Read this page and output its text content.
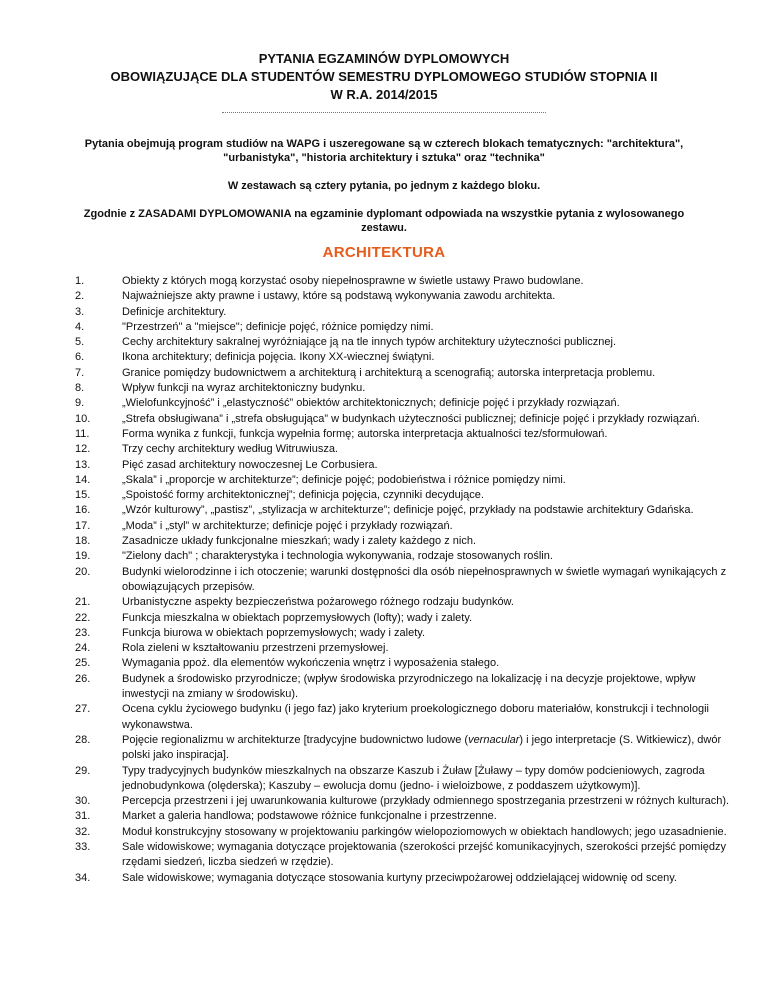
PYTANIA EGZAMINÓW DYPLOMOWYCH
OBOWIĄZUJĄCE DLA STUDENTÓW SEMESTRU DYPLOMOWEGO STUDIÓW STOPNIA II
W R.A. 2014/2015
Pytania obejmują program studiów na WAPG i uszeregowane są w czterech blokach tematycznych: "architektura", "urbanistyka", "historia architektury i sztuka" oraz "technika"
W zestawach są cztery pytania, po jednym z każdego bloku.
Zgodnie z ZASADAMI DYPLOMOWANIA na egzaminie dyplomant odpowiada na wszystkie pytania z wylosowanego zestawu.
ARCHITEKTURA
1.	Obiekty z których mogą korzystać osoby niepełnosprawne w świetle ustawy Prawo budowlane.
2.	Najważniejsze akty prawne i ustawy, które są podstawą wykonywania zawodu architekta.
3.	Definicje architektury.
4.	"Przestrzeń" a "miejsce"; definicje pojęć, różnice pomiędzy nimi.
5.	Cechy architektury sakralnej wyróżniające ją na tle innych typów architektury użyteczności publicznej.
6.	Ikona architektury; definicja pojęcia. Ikony XX-wiecznej świątyni.
7.	Granice pomiędzy budownictwem a architekturą i architekturą a scenografią; autorska interpretacja problemu.
8.	Wpływ funkcji na wyraz architektoniczny budynku.
9.	„Wielofunkcyjność” i „elastyczność” obiektów architektonicznych; definicje pojęć i przykłady rozwiązań.
10.	„Strefa obsługiwana” i „strefa obsługująca” w budynkach użyteczności publicznej; definicje pojęć i przykłady rozwiązań.
11.	Forma wynika z funkcji, funkcja wypełnia formę; autorska interpretacja aktualności tez/sformułowań.
12.	Trzy cechy architektury według Witruwiusza.
13.	Pięć zasad architektury nowoczesnej Le Corbusiera.
14.	„Skala” i „proporcje w architekturze”; definicje pojęć; podobieństwa i różnice pomiędzy nimi.
15.	„Spoistość formy architektonicznej”; definicja pojęcia, czynniki decydujące.
16.	„Wzór kulturowy”, „pastisz”, „stylizacja w architekturze”; definicje pojęć, przykłady na podstawie architektury Gdańska.
17.	„Moda” i „styl” w architekturze; definicje pojęć i przykłady rozwiązań.
18.	Zasadnicze układy funkcjonalne mieszkań; wady i zalety każdego z nich.
19.	"Zielony dach" ; charakterystyka i technologia wykonywania, rodzaje stosowanych roślin.
20.	Budynki wielorodzinne i ich otoczenie; warunki dostępności dla osób niepełnosprawnych w świetle wymagań wynikających z obowiązujących przepisów.
21.	Urbanistyczne aspekty bezpieczeństwa pożarowego różnego rodzaju budynków.
22.	Funkcja mieszkalna w obiektach poprzemysłowych (lofty); wady i zalety.
23.	Funkcja biurowa w obiektach poprzemysłowych; wady i zalety.
24.	Rola zieleni w kształtowaniu przestrzeni przemysłowej.
25.	Wymagania ppoż. dla elementów wykończenia wnętrz i wyposażenia stałego.
26.	Budynek a środowisko przyrodnicze; (wpływ środowiska przyrodniczego na lokalizację i na decyzje projektowe, wpływ inwestycji na zmiany w środowisku).
27.	Ocena cyklu życiowego budynku (i jego faz) jako kryterium proekologicznego doboru materiałów, konstrukcji i technologii wykonawstwa.
28.	Pojęcie regionalizmu w architekturze [tradycyjne budownictwo ludowe (vernacular) i jego interpretacje (S. Witkiewicz), dwór polski jako inspiracja].
29.	Typy tradycyjnych budynków mieszkalnych na obszarze Kaszub i Żuław [Żuławy – typy domów podcieniowych, zagroda jednobudynkowa (olęderska); Kaszuby – ewolucja domu (jedno- i wieloizbowe, z poddaszem użytkowym)].
30.	Percepcja przestrzeni i jej uwarunkowania kulturowe (przykłady odmiennego spostrzegania przestrzeni w różnych kulturach).
31.	Market a galeria handlowa; podstawowe różnice funkcjonalne i przestrzenne.
32.	Moduł konstrukcyjny stosowany w projektowaniu parkingów wielopoziomowych w obiektach handlowych; jego uzasadnienie.
33.	Sale widowiskowe; wymagania dotyczące projektowania (szerokości przejść komunikacyjnych, szerokości przejść pomiędzy rzędami siedzeń, liczba siedzeń w rzędzie).
34.	Sale widowiskowe; wymagania dotyczące stosowania kurtyny przeciwpożarowej oddzielającej widownię od sceny.
